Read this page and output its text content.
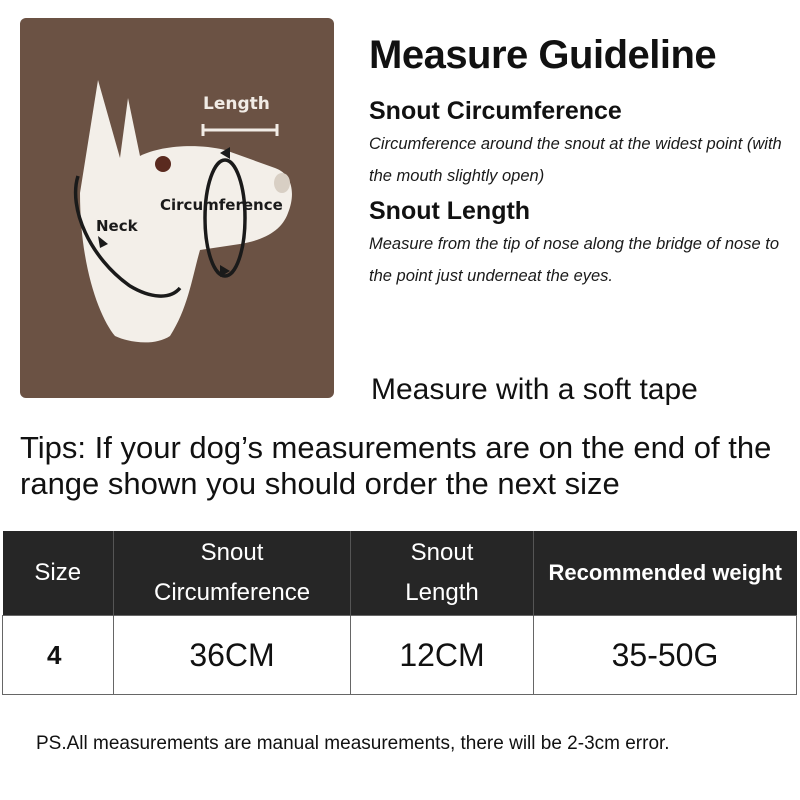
Length
Circumference
Neck
Measure Guideline
Snout Circumference
Circumference around the snout at the widest point (with the mouth slightly open)
Snout Length
Measure from the tip of nose along the bridge of nose to the point just underneat the eyes.
Measure with a soft tape
Tips: If your dog’s measurements are on the end of the range shown you should order the next size
Size	Snout Circumference	Snout Length	Recommended weight
4	36CM	12CM	35-50G
PS.All measurements are manual measurements, there will be 2-3cm error.
